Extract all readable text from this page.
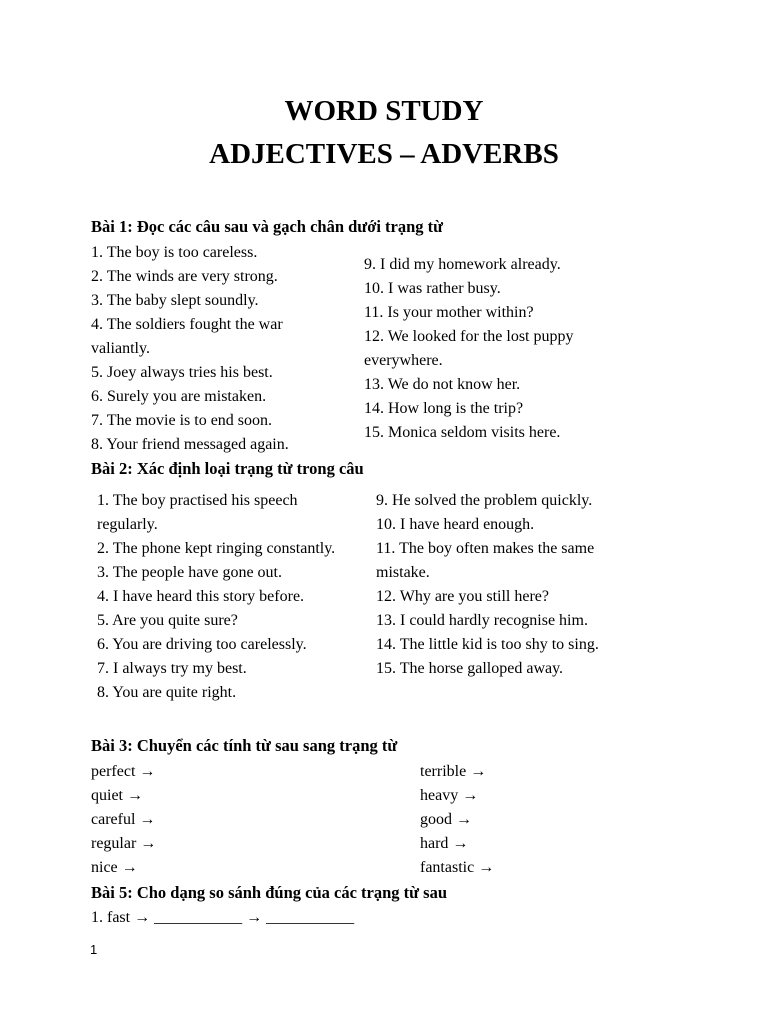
WORD STUDY
ADJECTIVES – ADVERBS
Bài 1: Đọc các câu sau và gạch chân dưới trạng từ
1. The boy is too careless.
2. The winds are very strong.
3. The baby slept soundly.
4. The soldiers fought the war
valiantly.
5. Joey always tries his best.
6. Surely you are mistaken.
7. The movie is to end soon.
8. Your friend messaged again.
9. I did my homework already.
10. I was rather busy.
11. Is your mother within?
12. We looked for the lost puppy
everywhere.
13. We do not know her.
14. How long is the trip?
15. Monica seldom visits here.
Bài 2: Xác định loại trạng từ trong câu
1. The boy practised his speech
regularly.
2. The phone kept ringing constantly.
3. The people have gone out.
4. I have heard this story before.
5. Are you quite sure?
6. You are driving too carelessly.
7. I always try my best.
8. You are quite right.
9. He solved the problem quickly.
10. I have heard enough.
11. The boy often makes the same
mistake.
12. Why are you still here?
13. I could hardly recognise him.
14. The little kid is too shy to sing.
15. The horse galloped away.
Bài 3: Chuyển các tính từ sau sang trạng từ
perfect →
quiet →
careful →
regular →
nice →
terrible →
heavy →
good →
hard →
fantastic →
Bài 5: Cho dạng so sánh đúng của các trạng từ sau
1. fast → ___________ → ___________
1
